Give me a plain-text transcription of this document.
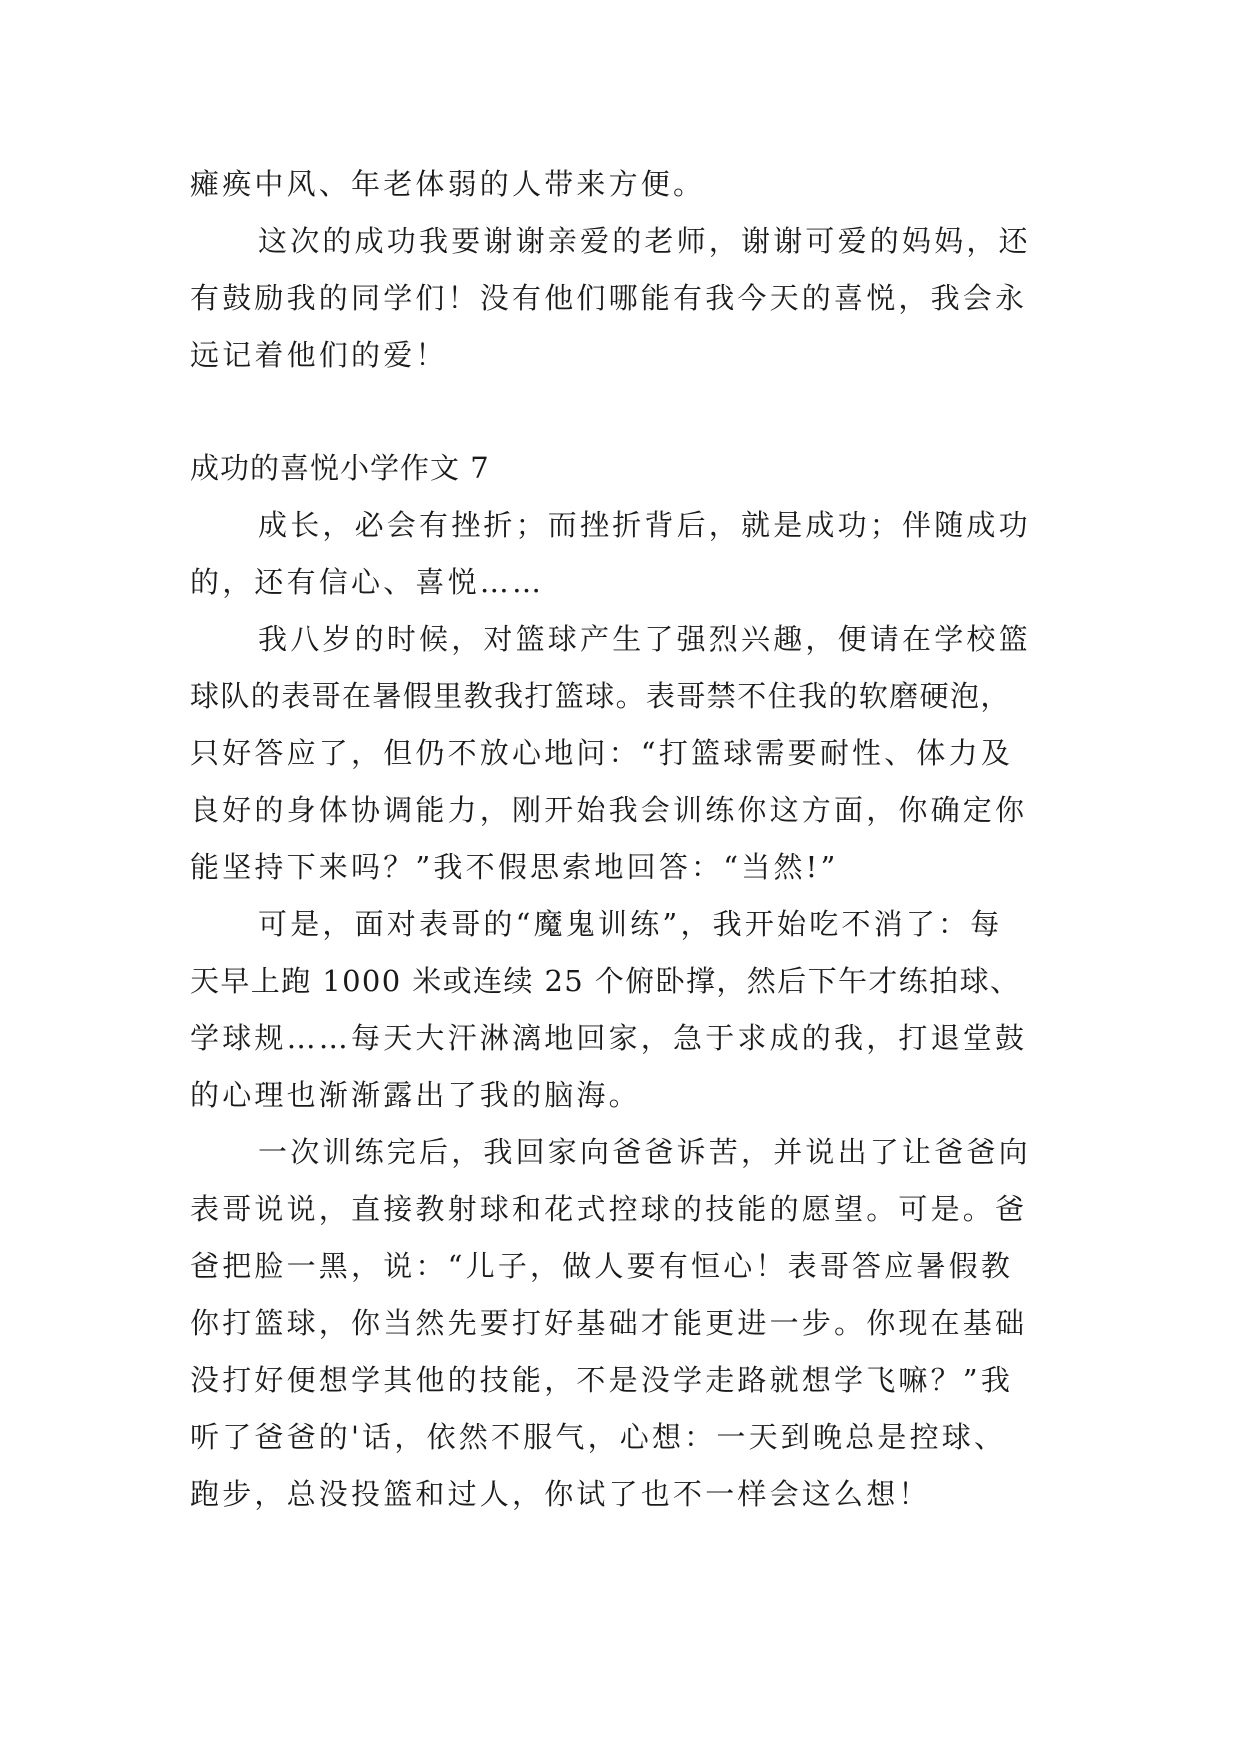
瘫痪中风、年老体弱的人带来方便。
这次的成功我要谢谢亲爱的老师，谢谢可爱的妈妈，还
有鼓励我的同学们！没有他们哪能有我今天的喜悦，我会永
远记着他们的爱！
成功的喜悦小学作文 7
成长，必会有挫折；而挫折背后，就是成功；伴随成功
的，还有信心、喜悦……
我八岁的时候，对篮球产生了强烈兴趣，便请在学校篮
球队的表哥在暑假里教我打篮球。表哥禁不住我的软磨硬泡，
只好答应了，但仍不放心地问：“打篮球需要耐性、体力及
良好的身体协调能力，刚开始我会训练你这方面，你确定你
能坚持下来吗？”我不假思索地回答：“当然!”
可是，面对表哥的“魔鬼训练”，我开始吃不消了：每
天早上跑 1000 米或连续 25 个俯卧撑，然后下午才练拍球、
学球规……每天大汗淋漓地回家，急于求成的我，打退堂鼓
的心理也渐渐露出了我的脑海。
一次训练完后，我回家向爸爸诉苦，并说出了让爸爸向
表哥说说，直接教射球和花式控球的技能的愿望。可是。爸
爸把脸一黑，说：“儿子，做人要有恒心！表哥答应暑假教
你打篮球，你当然先要打好基础才能更进一步。你现在基础
没打好便想学其他的技能，不是没学走路就想学飞嘛？”我
听了爸爸的'话，依然不服气，心想：一天到晚总是控球、
跑步，总没投篮和过人，你试了也不一样会这么想！
